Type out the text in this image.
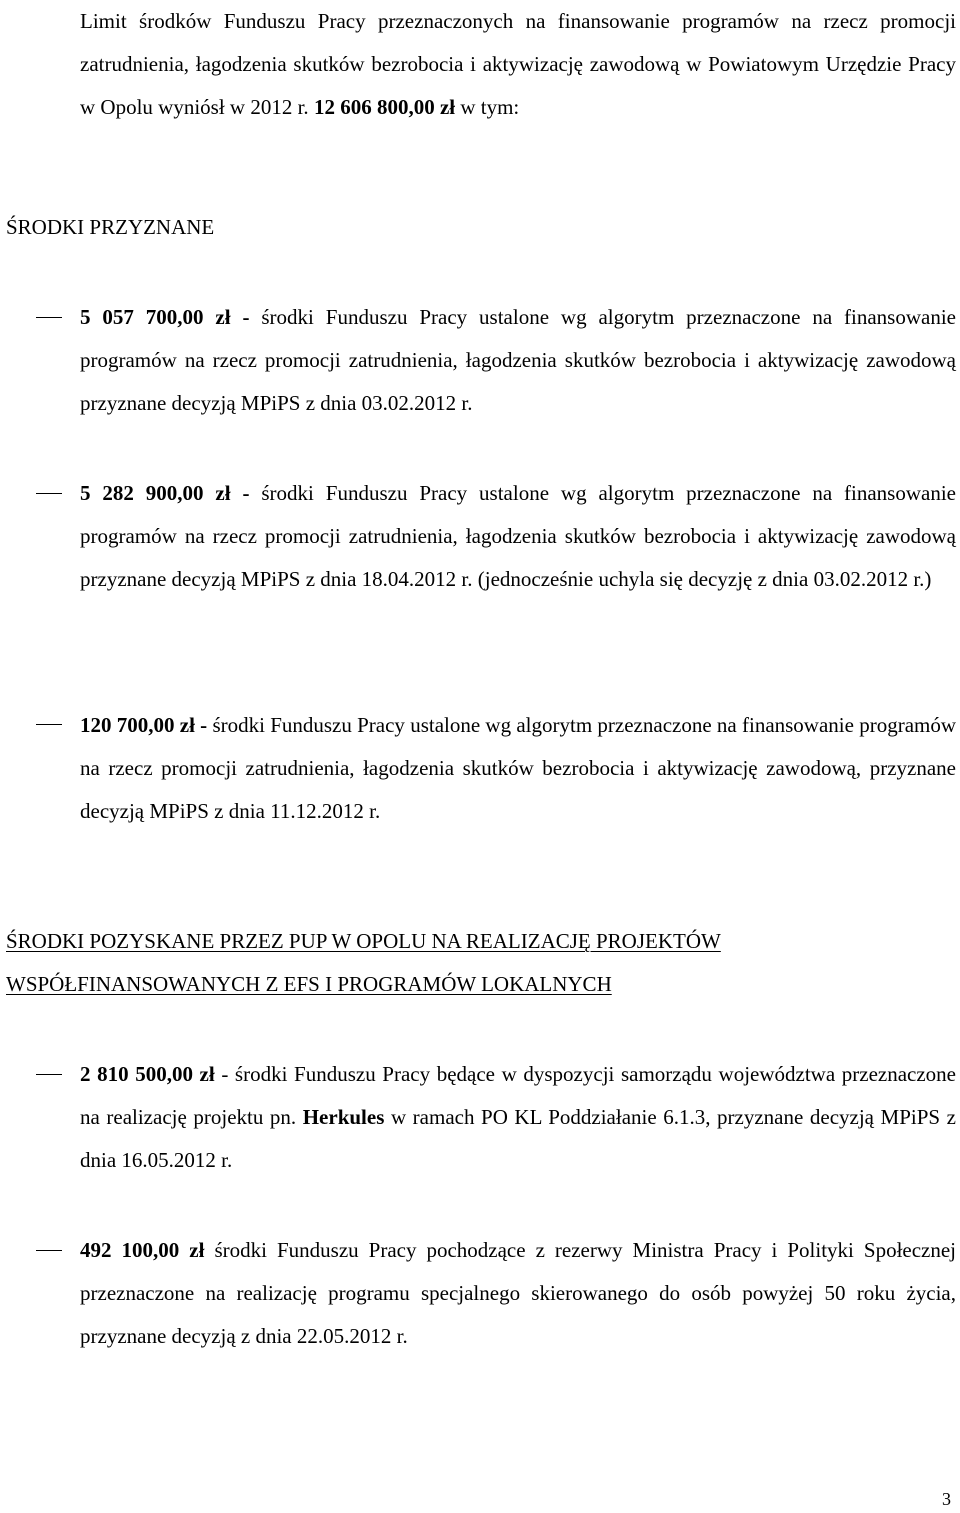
Limit środków Funduszu Pracy przeznaczonych na finansowanie programów na rzecz promocji zatrudnienia, łagodzenia skutków bezrobocia i aktywizację zawodową w Powiatowym Urzędzie Pracy w Opolu wyniósł w 2012 r. 12 606 800,00 zł w tym:

ŚRODKI PRZYZNANE

5 057 700,00 zł - środki Funduszu Pracy ustalone wg algorytm przeznaczone na finansowanie programów na rzecz promocji zatrudnienia, łagodzenia skutków bezrobocia i aktywizację zawodową przyznane decyzją MPiPS z dnia 03.02.2012 r.

5 282 900,00 zł - środki Funduszu Pracy ustalone wg algorytm przeznaczone na finansowanie programów na rzecz promocji zatrudnienia, łagodzenia skutków bezrobocia i aktywizację zawodową przyznane decyzją MPiPS z dnia 18.04.2012 r. (jednocześnie uchyla się decyzję z dnia 03.02.2012 r.)

120 700,00 zł - środki Funduszu Pracy ustalone wg algorytm przeznaczone na finansowanie programów na rzecz promocji zatrudnienia, łagodzenia skutków bezrobocia i aktywizację zawodową, przyznane decyzją MPiPS z dnia 11.12.2012 r.

ŚRODKI POZYSKANE PRZEZ PUP W OPOLU NA REALIZACJĘ PROJEKTÓW
WSPÓŁFINANSOWANYCH Z EFS I PROGRAMÓW LOKALNYCH

2 810 500,00 zł - środki Funduszu Pracy będące w dyspozycji samorządu województwa przeznaczone na realizację projektu pn. Herkules w ramach PO KL Poddziałanie 6.1.3, przyznane decyzją MPiPS z dnia 16.05.2012 r.

492 100,00 zł środki Funduszu Pracy pochodzące z rezerwy Ministra Pracy i Polityki Społecznej przeznaczone na realizację programu specjalnego skierowanego do osób powyżej 50 roku życia, przyznane decyzją z dnia 22.05.2012 r.

3
